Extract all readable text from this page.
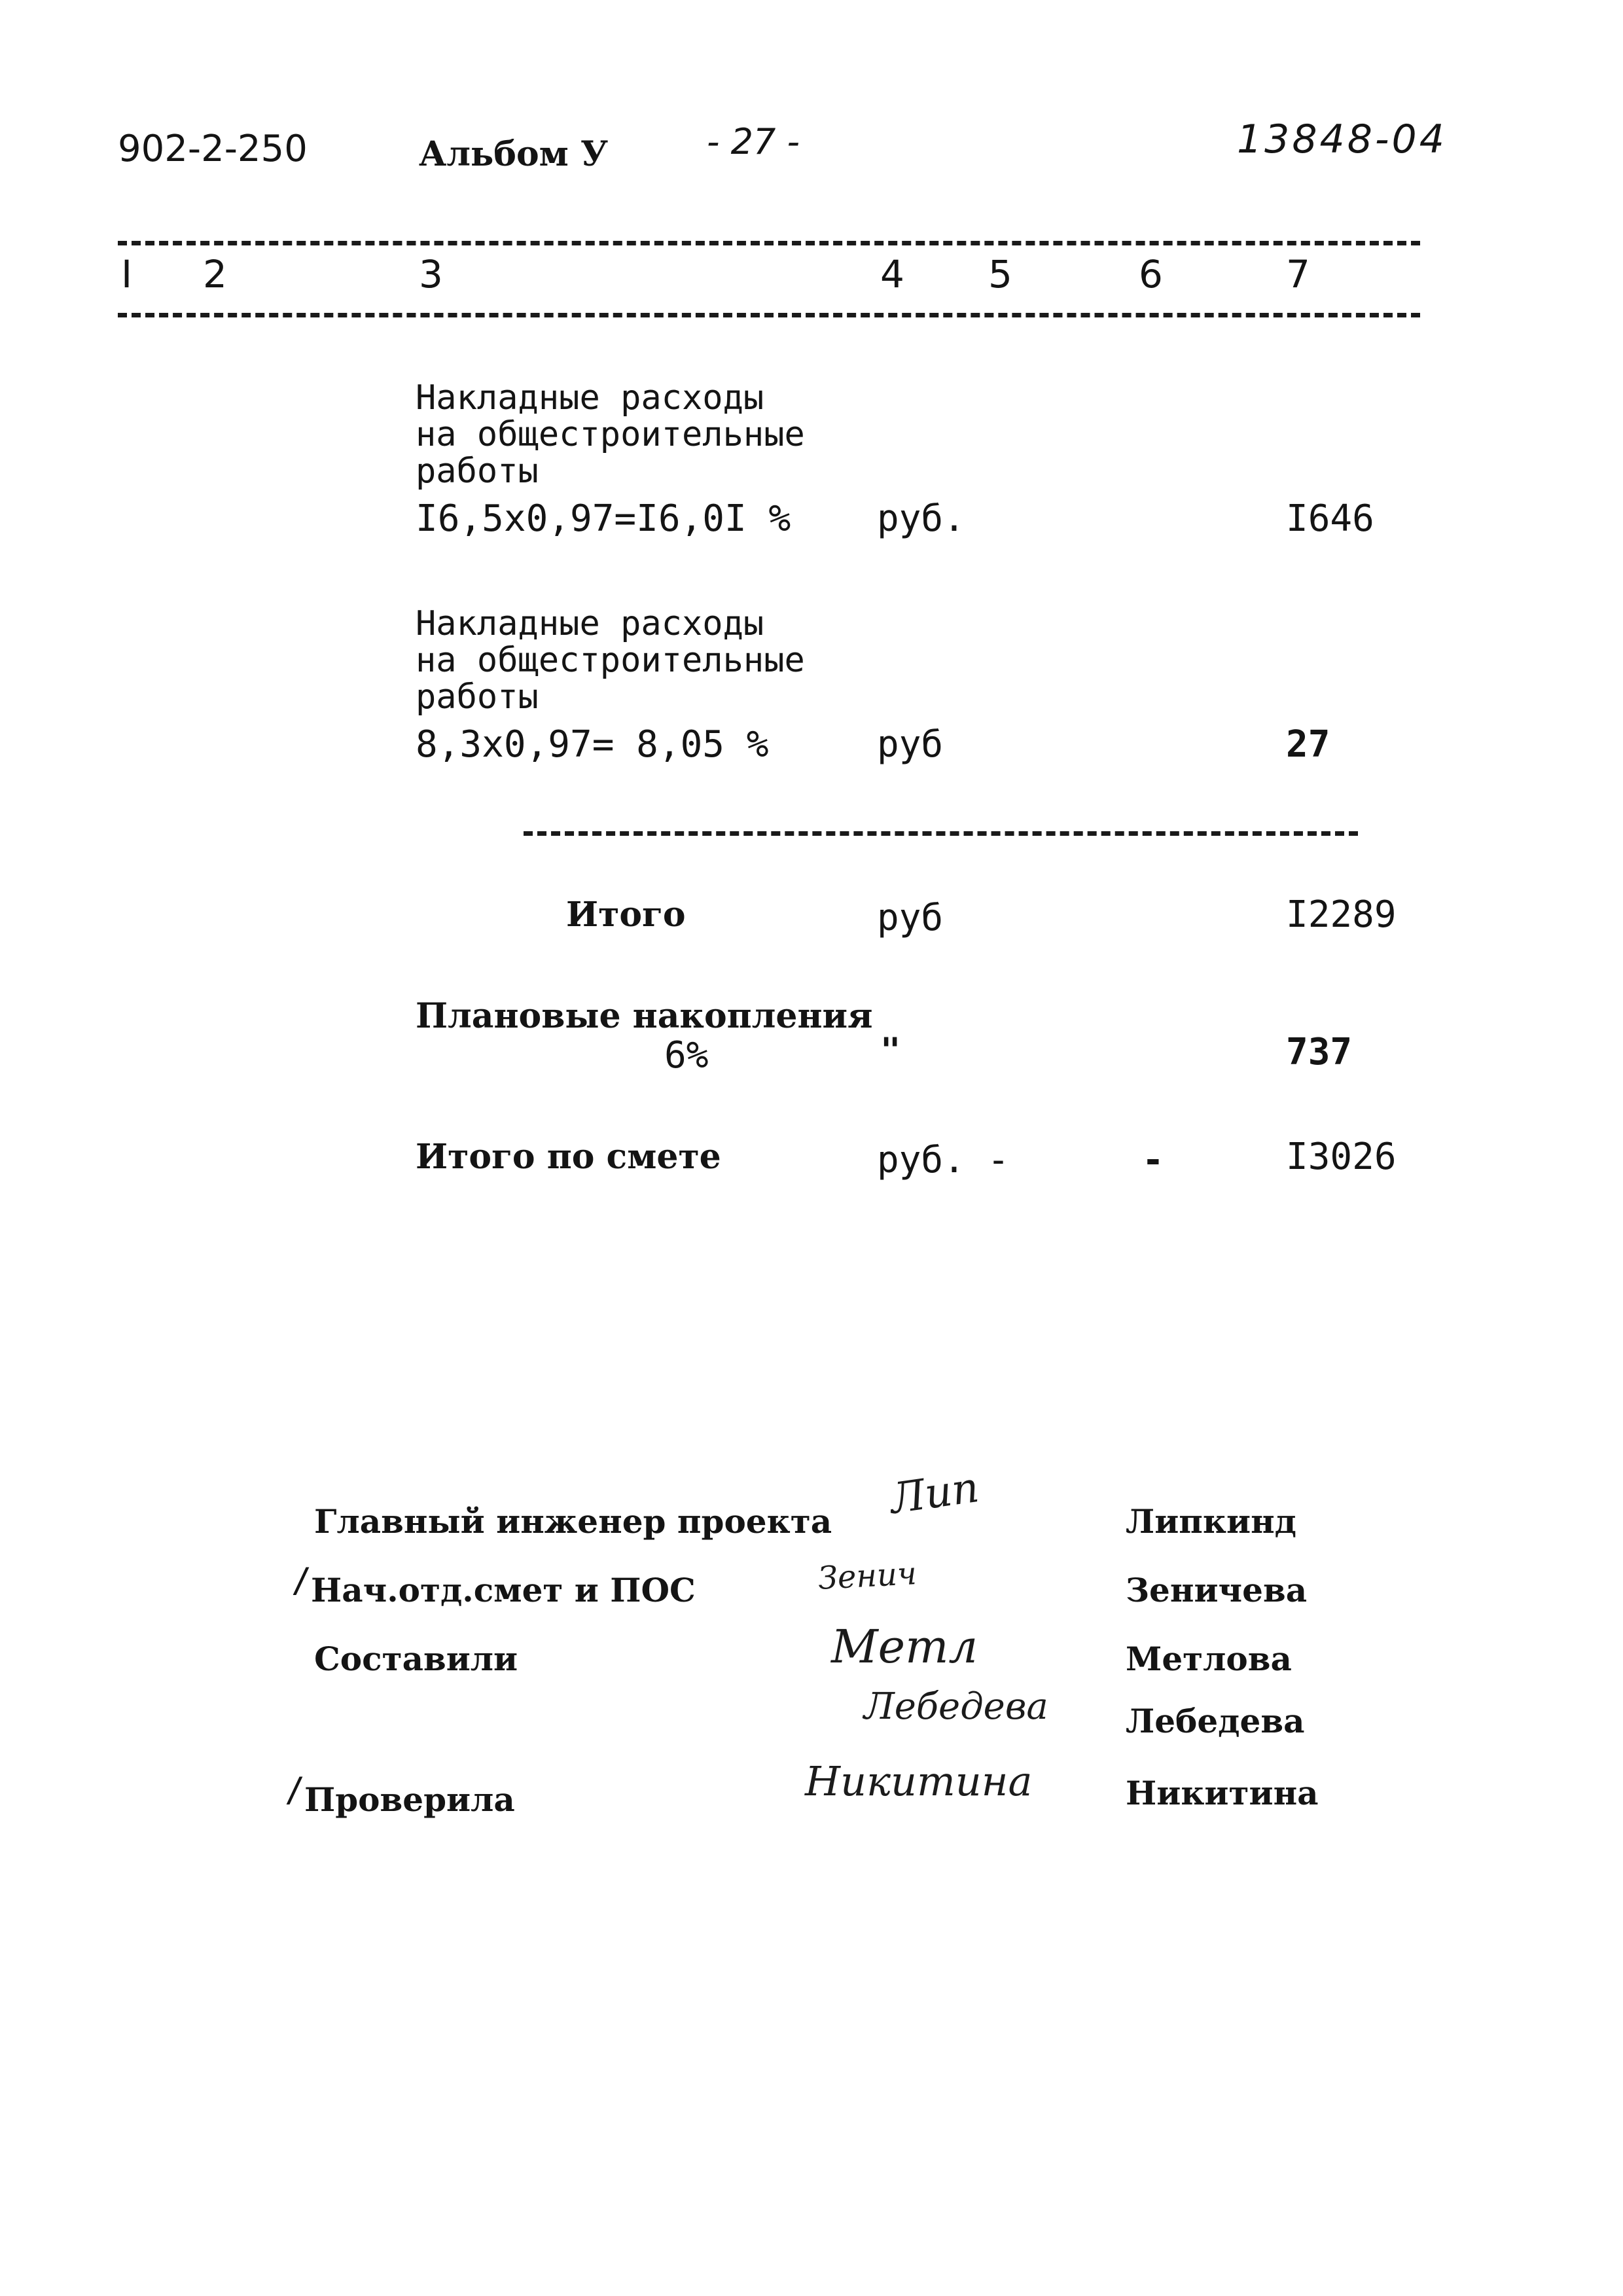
902-2-250	Альбом У	- 27 -	13848-04
I 2	3	4 5	6	7
Накладные расходы
на общестроительные
работы
I6,5x0,97=I6,0I % руб.	I646
Накладные расходы
на общестроительные
работы
8,3x0,97= 8,05 %	руб	27
Итого	руб	I2289
Плановые накопления
6%	"	737
Итого по смете	руб. -	-	I3026
Главный инженер проекта Лип	Липкинд
/
Нач.отд.смет и ПОС	Зенич	Зеничева
Составили	Метл	Метлова
Лебедева Лебедева
/
Проверила	Никитина	Никитина
